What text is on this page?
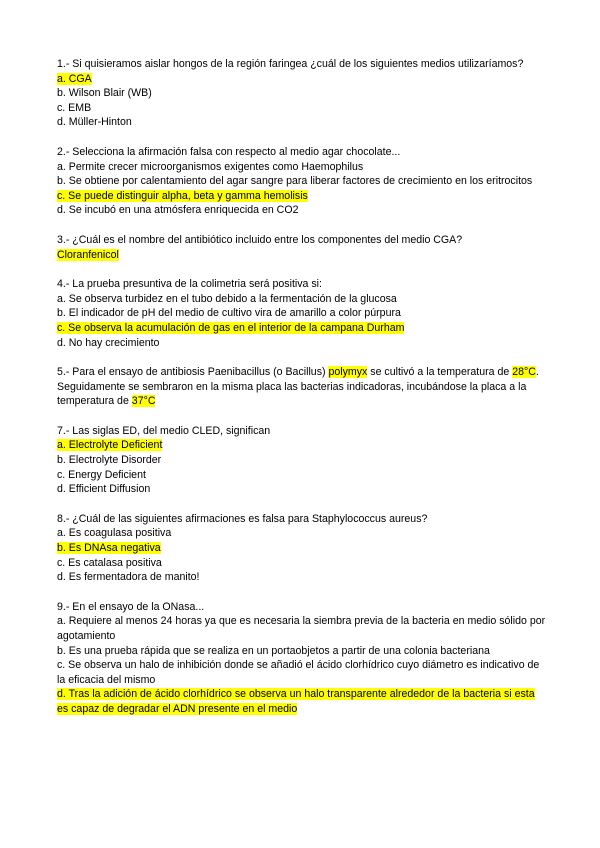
1.- Si quisieramos aislar hongos de la región faringea ¿cuál de los siguientes medios utilizaríamos?
a. CGA
b. Wilson Blair (WB)
c. EMB
d. Müller-Hinton
2.- Selecciona la afirmación falsa con respecto al medio agar chocolate...
a. Permite crecer microorganismos exigentes como Haemophilus
b. Se obtiene por calentamiento del agar sangre para liberar factores de crecimiento en los eritrocitos
c. Se puede distinguir alpha, beta y gamma hemolisis
d. Se incubó en una atmósfera enriquecida en CO2
3.- ¿Cuál es el nombre del antibiótico incluido entre los componentes del medio CGA?
Cloranfenicol
4.- La prueba presuntiva de la colimetria será positiva si:
a. Se observa turbidez en el tubo debido a la fermentación de la glucosa
b. El indicador de pH del medio de cultivo vira de amarillo a color púrpura
c. Se observa la acumulación de gas en el interior de la campana Durham
d. No hay crecimiento
5.- Para el ensayo de antibiosis Paenibacillus (o Bacillus) polymyx se cultivó a la temperatura de 28°C. Seguidamente se sembraron en la misma placa las bacterias indicadoras, incubándose la placa a la temperatura de 37°C
7.- Las siglas ED, del medio CLED, significan
a. Electrolyte Deficient
b. Electrolyte Disorder
c. Energy Deficient
d. Efficient Diffusion
8.- ¿Cuál de las siguientes afirmaciones es falsa para Staphylococcus aureus?
a. Es coagulasa positiva
b. Es DNAsa negativa
c. Es catalasa positiva
d. Es fermentadora de manito!
9.- En el ensayo de la ONasa...
a. Requiere al menos 24 horas ya que es necesaria la siembra previa de la bacteria en medio sólido por agotamiento
b. Es una prueba rápida que se realiza en un portaobjetos a partir de una colonia bacteriana
c. Se observa un halo de inhibición donde se añadió el ácido clorhídrico cuyo diámetro es indicativo de la eficacia del mismo
d. Tras la adición de ácido clorhídrico se observa un halo transparente alrededor de la bacteria si esta es capaz de degradar el ADN presente en el medio
